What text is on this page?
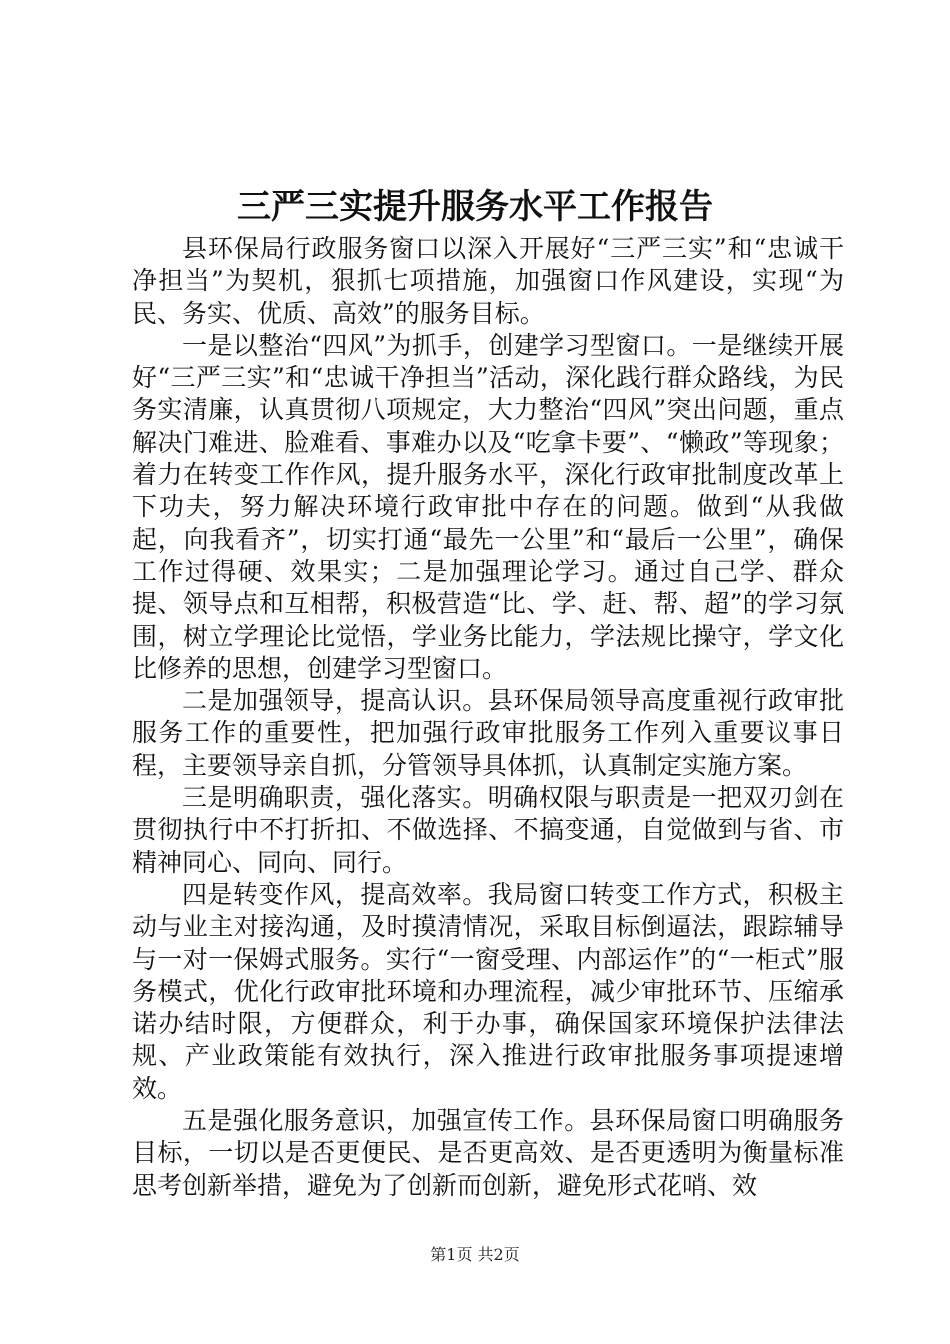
三严三实提升服务水平工作报告

县环保局行政服务窗口以深入开展好“三严三实”和“忠诚干净担当”为契机，狠抓七项措施，加强窗口作风建设，实现“为民、务实、优质、高效”的服务目标。

一是以整治“四风”为抓手，创建学习型窗口。一是继续开展好“三严三实”和“忠诚干净担当”活动，深化践行群众路线，为民务实清廉，认真贯彻八项规定，大力整治“四风”突出问题，重点解决门难进、脸难看、事难办以及“吃拿卡要”、“懒政”等现象；着力在转变工作作风，提升服务水平，深化行政审批制度改革上下功夫，努力解决环境行政审批中存在的问题。做到“从我做起，向我看齐”，切实打通“最先一公里”和“最后一公里”，确保工作过得硬、效果实；二是加强理论学习。通过自己学、群众提、领导点和互相帮，积极营造“比、学、赶、帮、超”的学习氛围，树立学理论比觉悟，学业务比能力，学法规比操守，学文化比修养的思想，创建学习型窗口。

二是加强领导，提高认识。县环保局领导高度重视行政审批服务工作的重要性，把加强行政审批服务工作列入重要议事日程，主要领导亲自抓，分管领导具体抓，认真制定实施方案。

三是明确职责，强化落实。明确权限与职责是一把双刃剑在贯彻执行中不打折扣、不做选择、不搞变通，自觉做到与省、市精神同心、同向、同行。

四是转变作风，提高效率。我局窗口转变工作方式，积极主动与业主对接沟通，及时摸清情况，采取目标倒逼法，跟踪辅导与一对一保姆式服务。实行“一窗受理、内部运作”的“一柜式”服务模式，优化行政审批环境和办理流程，减少审批环节、压缩承诺办结时限，方便群众，利于办事，确保国家环境保护法律法规、产业政策能有效执行，深入推进行政审批服务事项提速增效。

五是强化服务意识，加强宣传工作。县环保局窗口明确服务目标，一切以是否更便民、是否更高效、是否更透明为衡量标准思考创新举措，避免为了创新而创新，避免形式花哨、效

第1页 共2页
